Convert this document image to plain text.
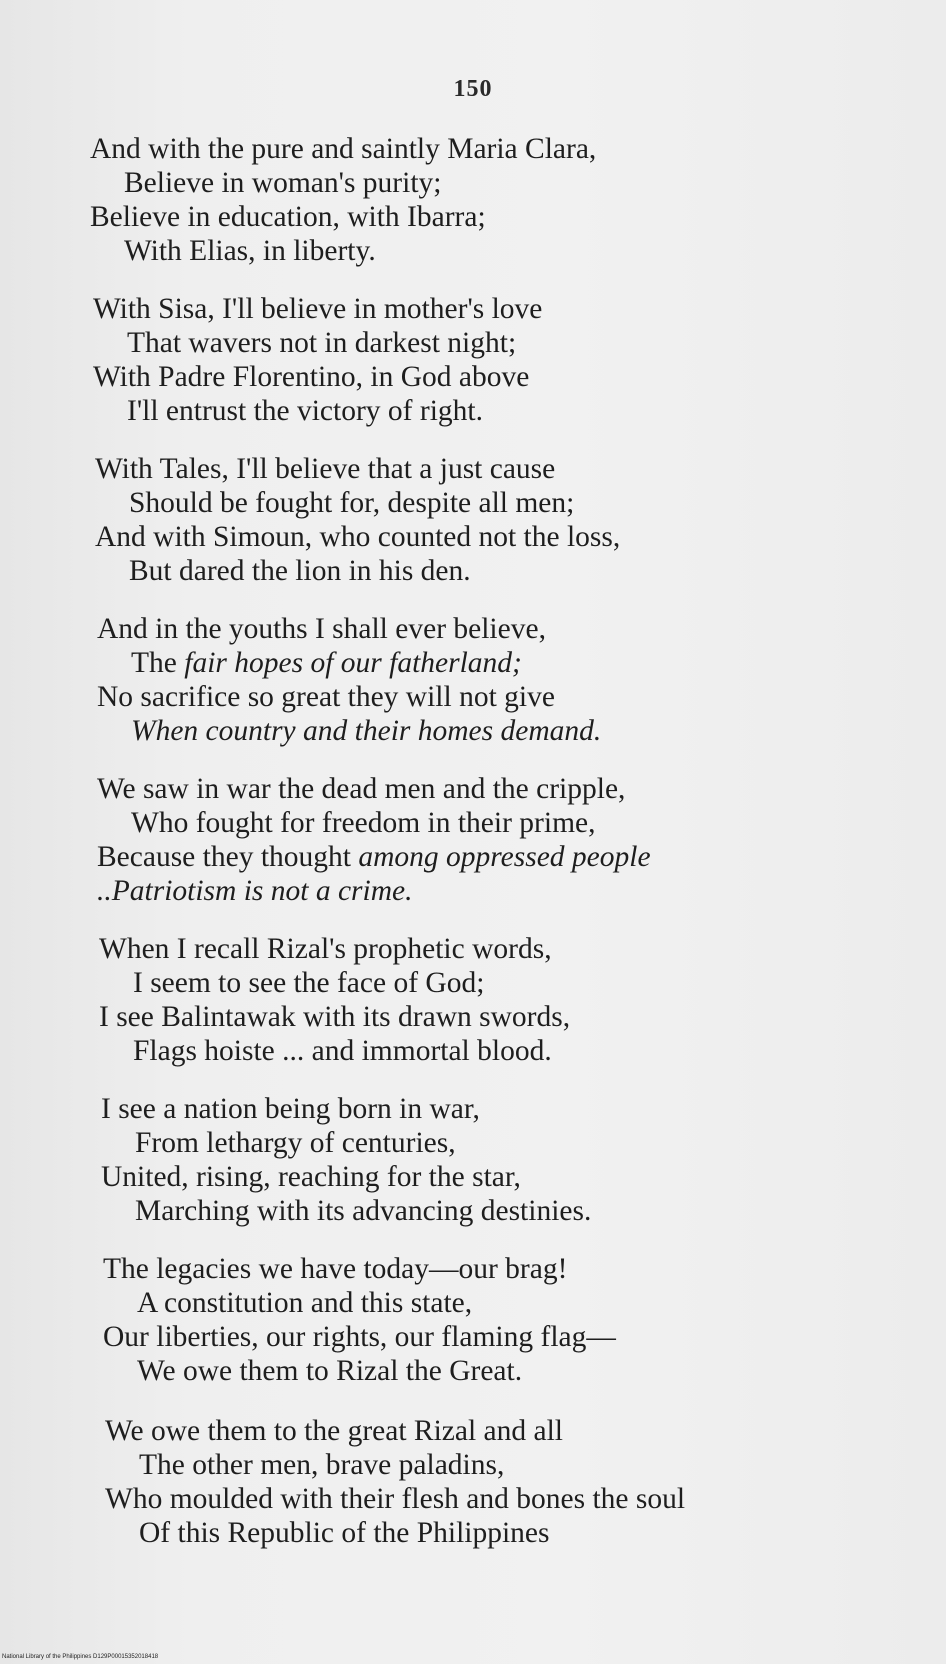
150
And with the pure and saintly Maria Clara,
Believe in woman's purity;
Believe in education, with Ibarra;
With Elias, in liberty.
With Sisa, I'll believe in mother's love
That wavers not in darkest night;
With Padre Florentino, in God above
I'll entrust the victory of right.
With Tales, I'll believe that a just cause
Should be fought for, despite all men;
And with Simoun, who counted not the loss,
But dared the lion in his den.
And in the youths I shall ever believe,
The fair hopes of our fatherland;
No sacrifice so great they will not give
When country and their homes demand.
We saw in war the dead men and the cripple,
Who fought for freedom in their prime,
Because they thought among oppressed people
..Patriotism is not a crime.
When I recall Rizal's prophetic words,
I seem to see the face of God;
I see Balintawak with its drawn swords,
Flags hoiste ... and immortal blood.
I see a nation being born in war,
From lethargy of centuries,
United, rising, reaching for the star,
Marching with its advancing destinies.
The legacies we have today—our brag!
A constitution and this state,
Our liberties, our rights, our flaming flag—
We owe them to Rizal the Great.
We owe them to the great Rizal and all
The other men, brave paladins,
Who moulded with their flesh and bones the soul
Of this Republic of the Philippines
National Library of the Philippines D129P00015352018418
